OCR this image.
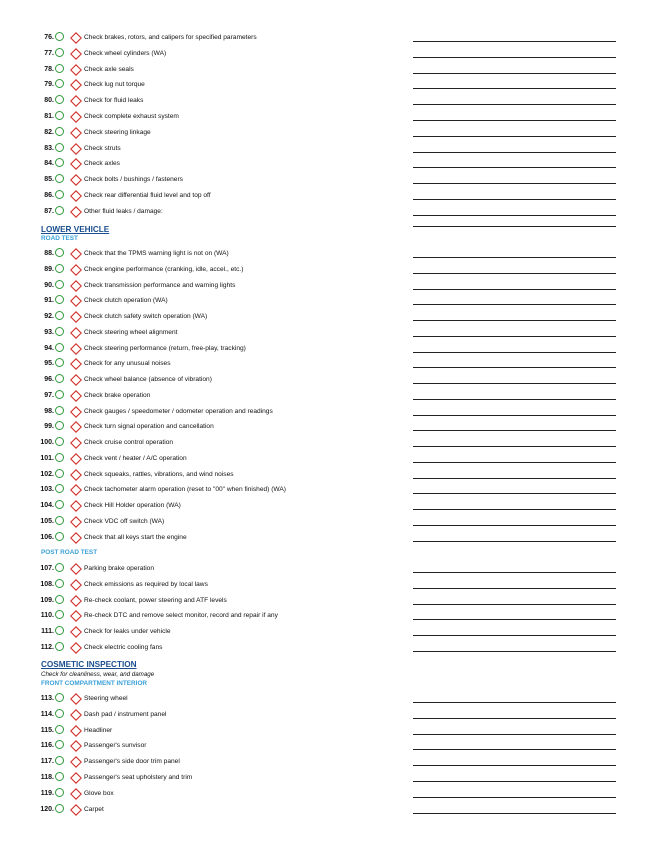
76.	Check brakes, rotors, and calipers for specified parameters
77.	Check wheel cylinders (WA)
78.	Check axle seals
79.	Check lug nut torque
80.	Check for fluid leaks
81.	Check complete exhaust system
82.	Check steering linkage
83.	Check struts
84.	Check axles
85.	Check bolts / bushings / fasteners
86.	Check rear differential fluid level and top off
87.	Other fluid leaks / damage:
LOWER VEHICLE
ROAD TEST
88.	Check that the TPMS warning light is not on (WA)
89.	Check engine performance (cranking, idle, accel., etc.)
90.	Check transmission performance and warning lights
91.	Check clutch operation (WA)
92.	Check clutch safety switch operation (WA)
93.	Check steering wheel alignment
94.	Check steering performance (return, free-play, tracking)
95.	Check for any unusual noises
96.	Check wheel balance (absence of vibration)
97.	Check brake operation
98.	Check gauges / speedometer / odometer operation and readings
99.	Check turn signal operation and cancellation
100.	Check cruise control operation
101.	Check vent / heater / A/C operation
102.	Check squeaks, rattles, vibrations, and wind noises
103.	Check tachometer alarm operation (reset to "00" when finished) (WA)
104.	Check Hill Holder operation (WA)
105.	Check VDC off switch (WA)
106.	Check that all keys start the engine
POST ROAD TEST
107.	Parking brake operation
108.	Check emissions as required by local laws
109.	Re-check coolant, power steering and ATF levels
110.	Re-check DTC and remove select monitor, record and repair if any
111.	Check for leaks under vehicle
112.	Check electric cooling fans
COSMETIC INSPECTION
Check for cleanliness, wear, and damage
FRONT COMPARTMENT INTERIOR
113.	Steering wheel
114.	Dash pad / instrument panel
115.	Headliner
116.	Passenger's sunvisor
117.	Passenger's side door trim panel
118.	Passenger's seat upholstery and trim
119.	Glove box
120.	Carpet
